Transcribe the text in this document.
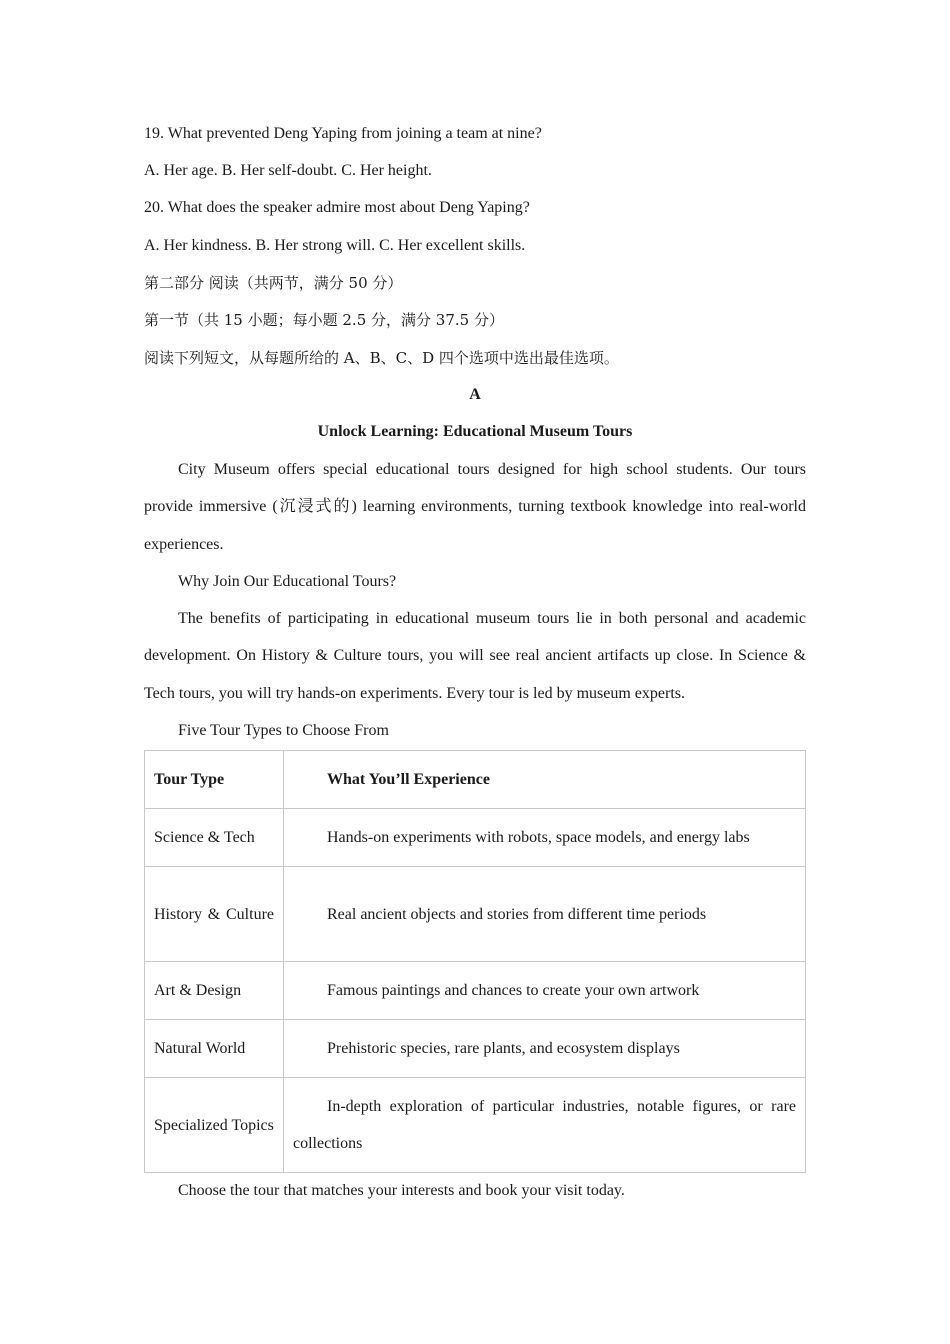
19. What prevented Deng Yaping from joining a team at nine?
A. Her age. B. Her self-doubt. C. Her height.
20. What does the speaker admire most about Deng Yaping?
A. Her kindness. B. Her strong will. C. Her excellent skills.
第二部分 阅读（共两节，满分 50 分）
第一节（共 15 小题；每小题 2.5 分，满分 37.5 分）
阅读下列短文，从每题所给的 A、B、C、D 四个选项中选出最佳选项。
A
Unlock Learning: Educational Museum Tours
City Museum offers special educational tours designed for high school students. Our tours provide immersive (沉浸式的) learning environments, turning textbook knowledge into real-world experiences.
Why Join Our Educational Tours?
The benefits of participating in educational museum tours lie in both personal and academic development. On History & Culture tours, you will see real ancient artifacts up close. In Science & Tech tours, you will try hands-on experiments. Every tour is led by museum experts.
Five Tour Types to Choose From
Tour Type	What You’ll Experience

Science & Tech	Hands-on experiments with robots, space models, and energy labs

History & Culture	Real ancient objects and stories from different time periods

Art & Design	Famous paintings and chances to create your own artwork

Natural World	Prehistoric species, rare plants, and ecosystem displays

Specialized Topics	In-depth exploration of particular industries, notable figures, or rare collections
Choose the tour that matches your interests and book your visit today.
